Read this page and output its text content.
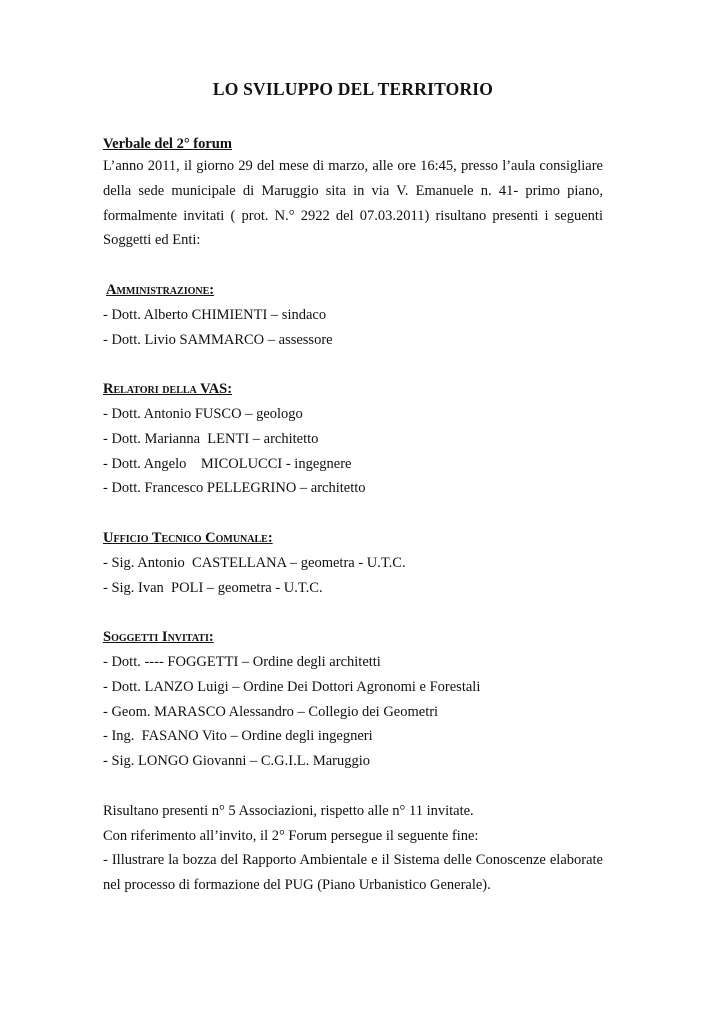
LO SVILUPPO DEL TERRITORIO
Verbale del 2° forum

L’anno 2011, il giorno 29 del mese di marzo, alle ore 16:45, presso l’aula consigliare della sede municipale di Maruggio sita in via V. Emanuele n. 41- primo piano, formalmente invitati ( prot. N.° 2922 del 07.03.2011) risultano presenti i seguenti Soggetti ed Enti:

Amministrazione:
- Dott. Alberto CHIMIENTI – sindaco
- Dott. Livio SAMMARCO – assessore
Relatori della VAS:
- Dott. Antonio FUSCO – geologo
- Dott. Marianna  LENTI – architetto
- Dott. Angelo    MICOLUCCI - ingegnere
- Dott. Francesco PELLEGRINO – architetto
Ufficio Tecnico Comunale:
- Sig. Antonio  CASTELLANA – geometra - U.T.C.
- Sig. Ivan  POLI – geometra - U.T.C.
Soggetti Invitati:
- Dott. ---- FOGGETTI – Ordine degli architetti
- Dott. LANZO Luigi – Ordine Dei Dottori Agronomi e Forestali
- Geom. MARASCO Alessandro – Collegio dei Geometri
- Ing.  FASANO Vito – Ordine degli ingegneri
- Sig. LONGO Giovanni – C.G.I.L. Maruggio

Risultano presenti n° 5 Associazioni, rispetto alle n° 11 invitate.

Con riferimento all’invito, il 2° Forum persegue il seguente fine:

- Illustrare la bozza del Rapporto Ambientale e il Sistema delle Conoscenze elaborate nel processo di formazione del PUG (Piano Urbanistico Generale).
